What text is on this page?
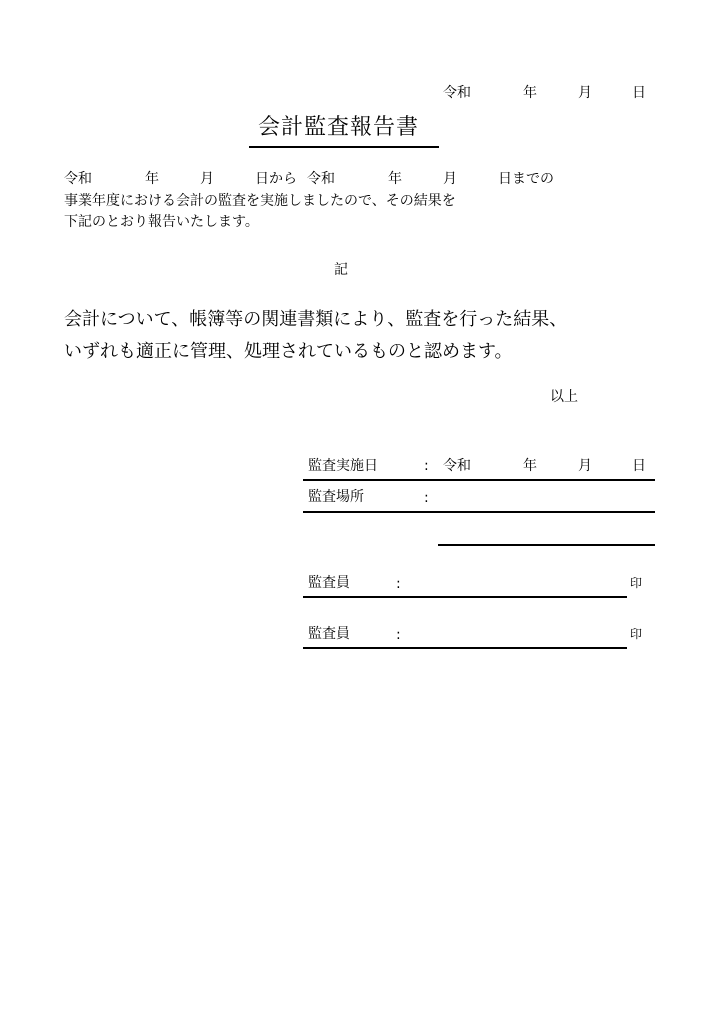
令和	年	月	日
会計監査報告書
令和	年	月	日から 令和	年	月	日までの
事業年度における会計の監査を実施しましたので、その結果を
下記のとおり報告いたします。
記
会計について、帳簿等の関連書類により、監査を行った結果、
いずれも適正に管理、処理されているものと認めます。
以上
監査実施日	: 令和	年	月	日
監査場所	:
監査員	:	印
監査員	:	印
